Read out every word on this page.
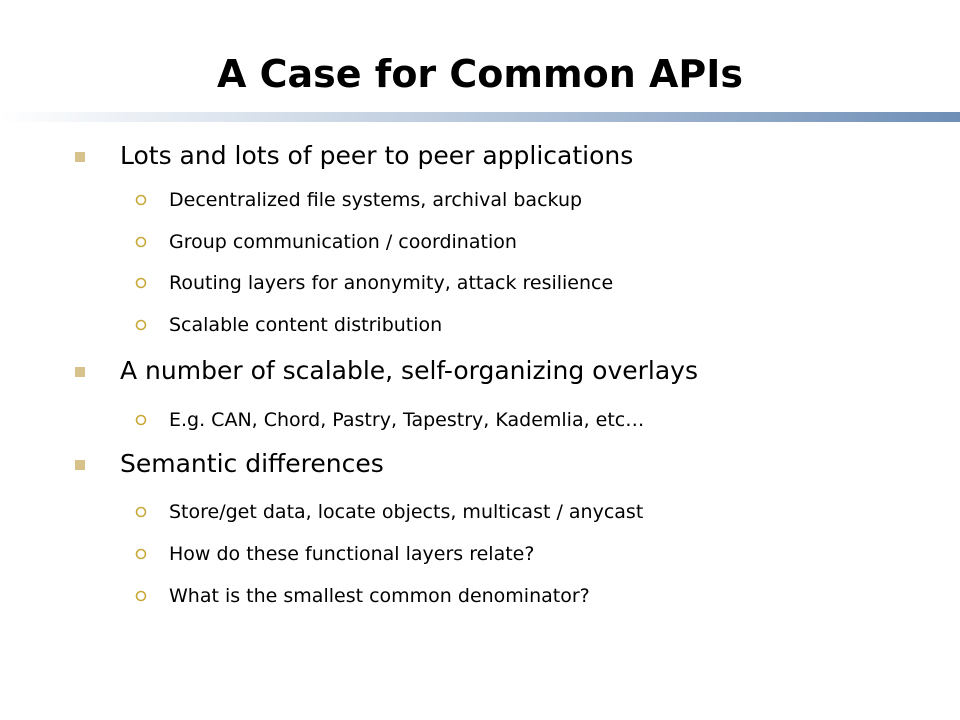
A Case for Common APIs
Lots and lots of peer to peer applications
Decentralized file systems, archival backup
Group communication / coordination
Routing layers for anonymity, attack resilience
Scalable content distribution
A number of scalable, self-organizing overlays
E.g. CAN, Chord, Pastry, Tapestry, Kademlia, etc…
Semantic differences
Store/get data, locate objects, multicast / anycast
How do these functional layers relate?
What is the smallest common denominator?
